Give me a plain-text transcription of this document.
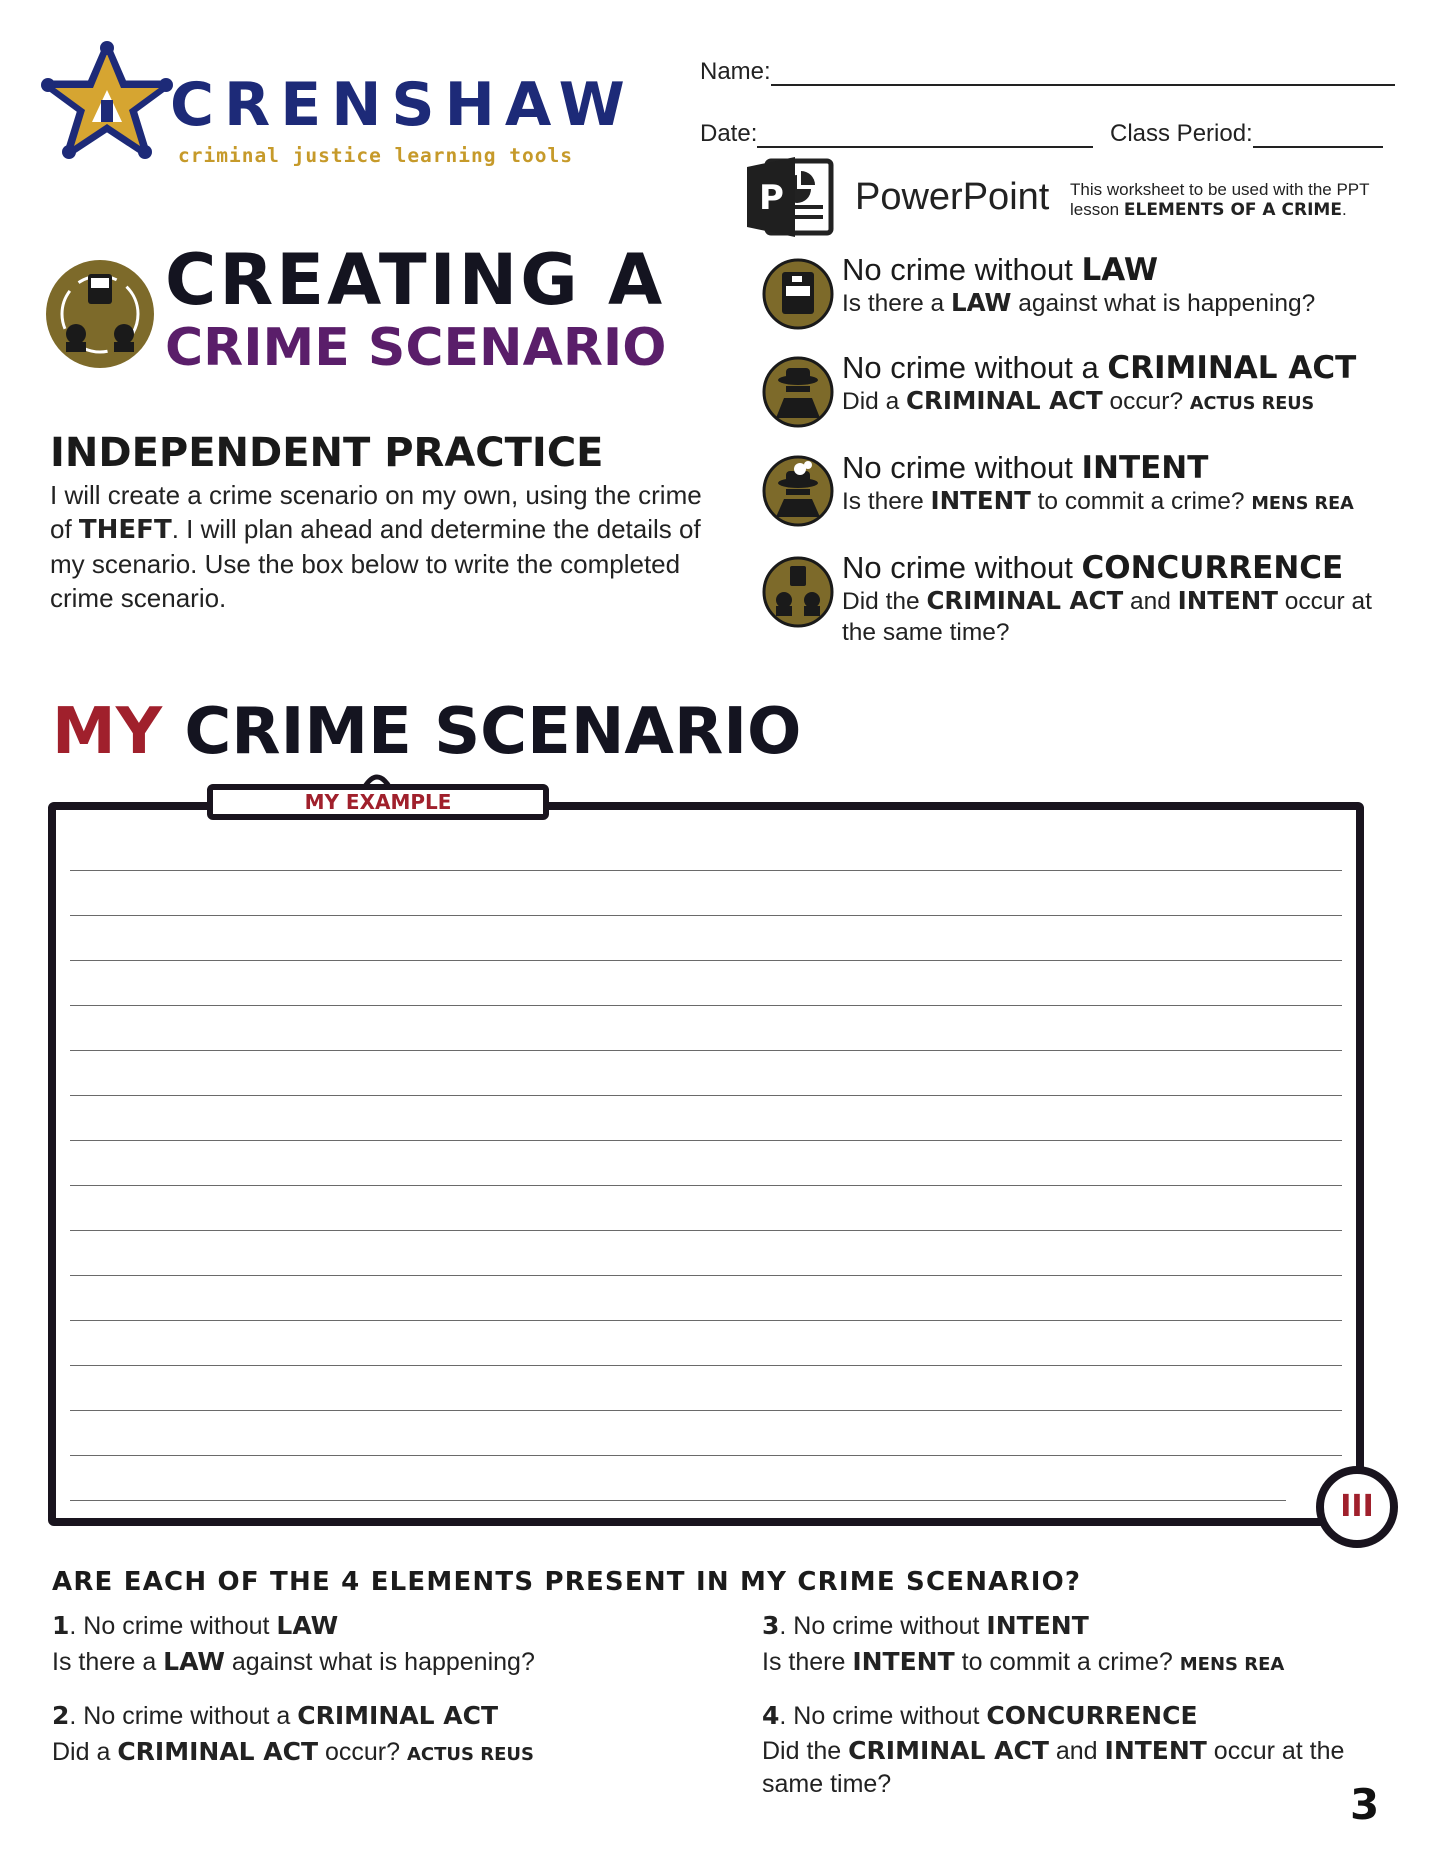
CRENSHAW
criminal justice learning tools
Name:
Date:	Class Period:
P PowerPoint This worksheet to be used with the PPT
lesson ELEMENTS OF A CRIME.
CREATING A
CRIME SCENARIO
INDEPENDENT PRACTICE
I will create a crime scenario on my own, using the crime of THEFT. I will plan ahead and determine the details of my scenario. Use the box below to write the completed crime scenario.
No crime without LAW
Is there a LAW against what is happening?
No crime without a CRIMINAL ACT
Did a CRIMINAL ACT occur? ACTUS REUS
No crime without INTENT
Is there INTENT to commit a crime? MENS REA
No crime without CONCURRENCE
Did the CRIMINAL ACT and INTENT occur at the same time?
MY CRIME SCENARIO
MY EXAMPLE
III
ARE EACH OF THE 4 ELEMENTS PRESENT IN MY CRIME SCENARIO?
1. No crime without LAW
Is there a LAW against what is happening?
2. No crime without a CRIMINAL ACT
Did a CRIMINAL ACT occur? ACTUS REUS
3. No crime without INTENT
Is there INTENT to commit a crime? MENS REA
4. No crime without CONCURRENCE
Did the CRIMINAL ACT and INTENT occur at the same time?	3
